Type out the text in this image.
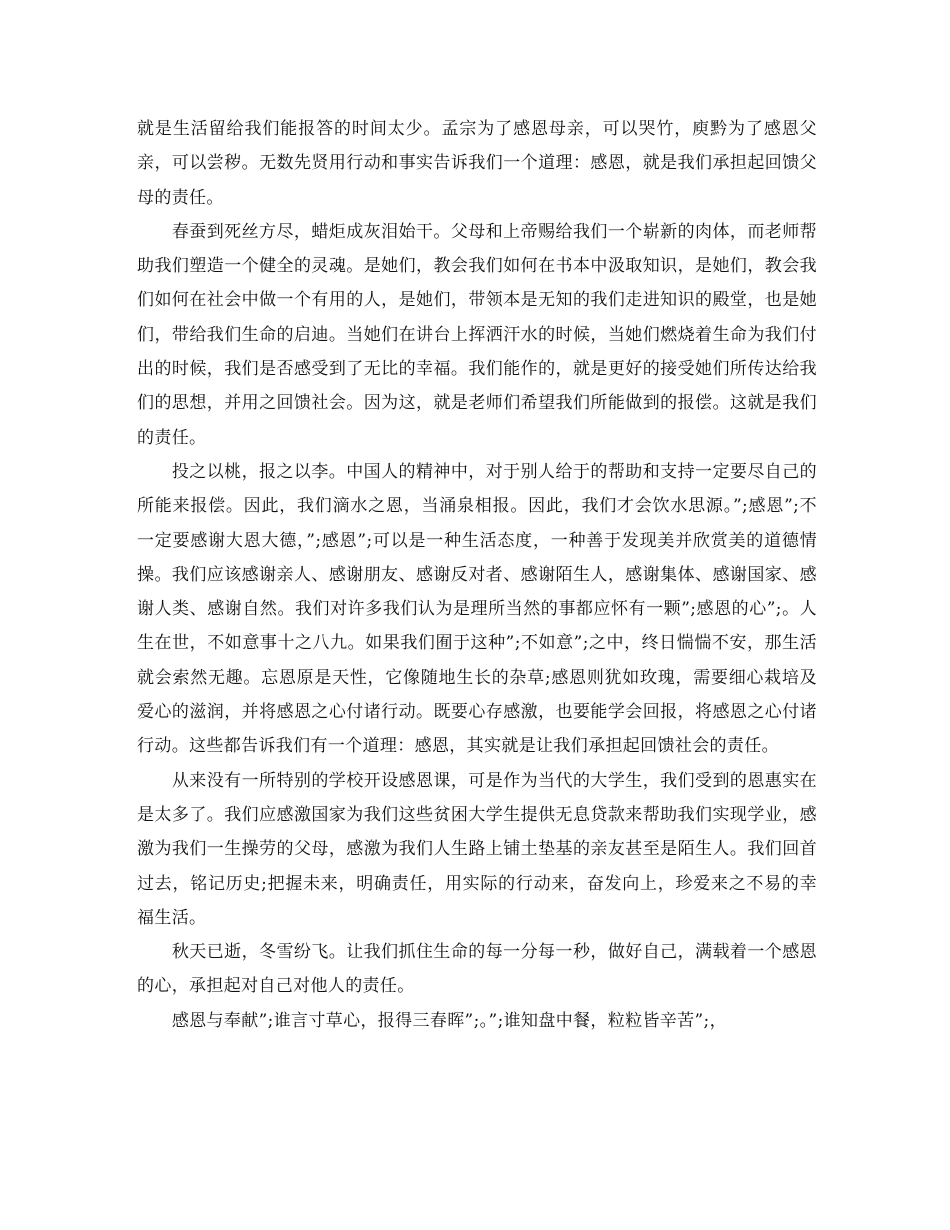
就是生活留给我们能报答的时间太少。孟宗为了感恩母亲，可以哭竹，庾黔为了感恩父亲，可以尝秽。无数先贤用行动和事实告诉我们一个道理：感恩，就是我们承担起回馈父母的责任。

春蚕到死丝方尽，蜡炬成灰泪始干。父母和上帝赐给我们一个崭新的肉体，而老师帮助我们塑造一个健全的灵魂。是她们，教会我们如何在书本中汲取知识，是她们，教会我们如何在社会中做一个有用的人，是她们，带领本是无知的我们走进知识的殿堂，也是她们，带给我们生命的启迪。当她们在讲台上挥洒汗水的时候，当她们燃烧着生命为我们付出的时候，我们是否感受到了无比的幸福。我们能作的，就是更好的接受她们所传达给我们的思想，并用之回馈社会。因为这，就是老师们希望我们所能做到的报偿。这就是我们的责任。

投之以桃，报之以李。中国人的精神中，对于别人给于的帮助和支持一定要尽自己的所能来报偿。因此，我们滴水之恩，当涌泉相报。因此，我们才会饮水思源。”;感恩”;不一定要感谢大恩大德，”;感恩”;可以是一种生活态度，一种善于发现美并欣赏美的道德情操。我们应该感谢亲人、感谢朋友、感谢反对者、感谢陌生人，感谢集体、感谢国家、感谢人类、感谢自然。我们对许多我们认为是理所当然的事都应怀有一颗”;感恩的心”;。人生在世，不如意事十之八九。如果我们囿于这种”;不如意”;之中，终日惴惴不安，那生活就会索然无趣。忘恩原是天性，它像随地生长的杂草;感恩则犹如玫瑰，需要细心栽培及爱心的滋润，并将感恩之心付诸行动。既要心存感激，也要能学会回报，将感恩之心付诸行动。这些都告诉我们有一个道理：感恩，其实就是让我们承担起回馈社会的责任。

从来没有一所特别的学校开设感恩课，可是作为当代的大学生，我们受到的恩惠实在是太多了。我们应感激国家为我们这些贫困大学生提供无息贷款来帮助我们实现学业，感激为我们一生操劳的父母，感激为我们人生路上铺土垫基的亲友甚至是陌生人。我们回首过去，铭记历史;把握未来，明确责任，用实际的行动来，奋发向上，珍爱来之不易的幸福生活。

秋天已逝，冬雪纷飞。让我们抓住生命的每一分每一秒，做好自己，满载着一个感恩的心，承担起对自己对他人的责任。

感恩与奉献”;谁言寸草心，报得三春晖”;。”;谁知盘中餐，粒粒皆辛苦”;，
